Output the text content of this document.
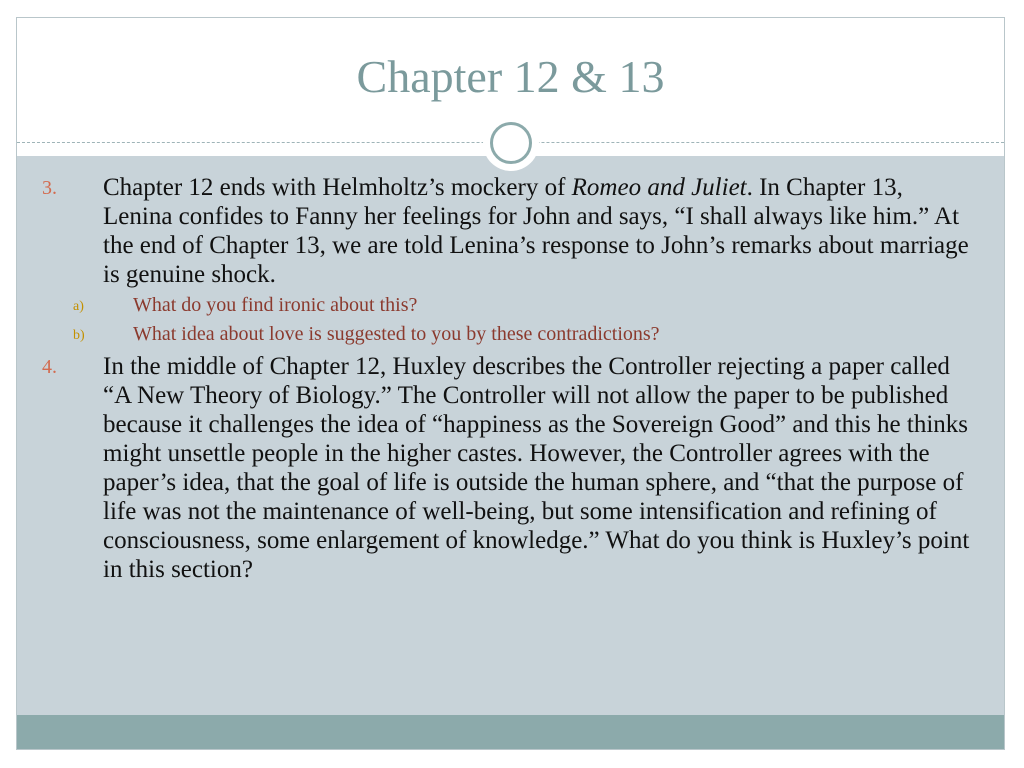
Chapter 12 & 13
3. Chapter 12 ends with Helmholtz’s mockery of Romeo and Juliet. In Chapter 13, Lenina confides to Fanny her feelings for John and says, “I shall always like him.” At the end of Chapter 13, we are told Lenina’s response to John’s remarks about marriage is genuine shock.
a) What do you find ironic about this?
b) What idea about love is suggested to you by these contradictions?
4. In the middle of Chapter 12, Huxley describes the Controller rejecting a paper called “A New Theory of Biology.” The Controller will not allow the paper to be published because it challenges the idea of “happiness as the Sovereign Good” and this he thinks might unsettle people in the higher castes. However, the Controller agrees with the paper’s idea, that the goal of life is outside the human sphere, and “that the purpose of life was not the maintenance of well-being, but some intensification and refining of consciousness, some enlargement of knowledge.” What do you think is Huxley’s point in this section?
